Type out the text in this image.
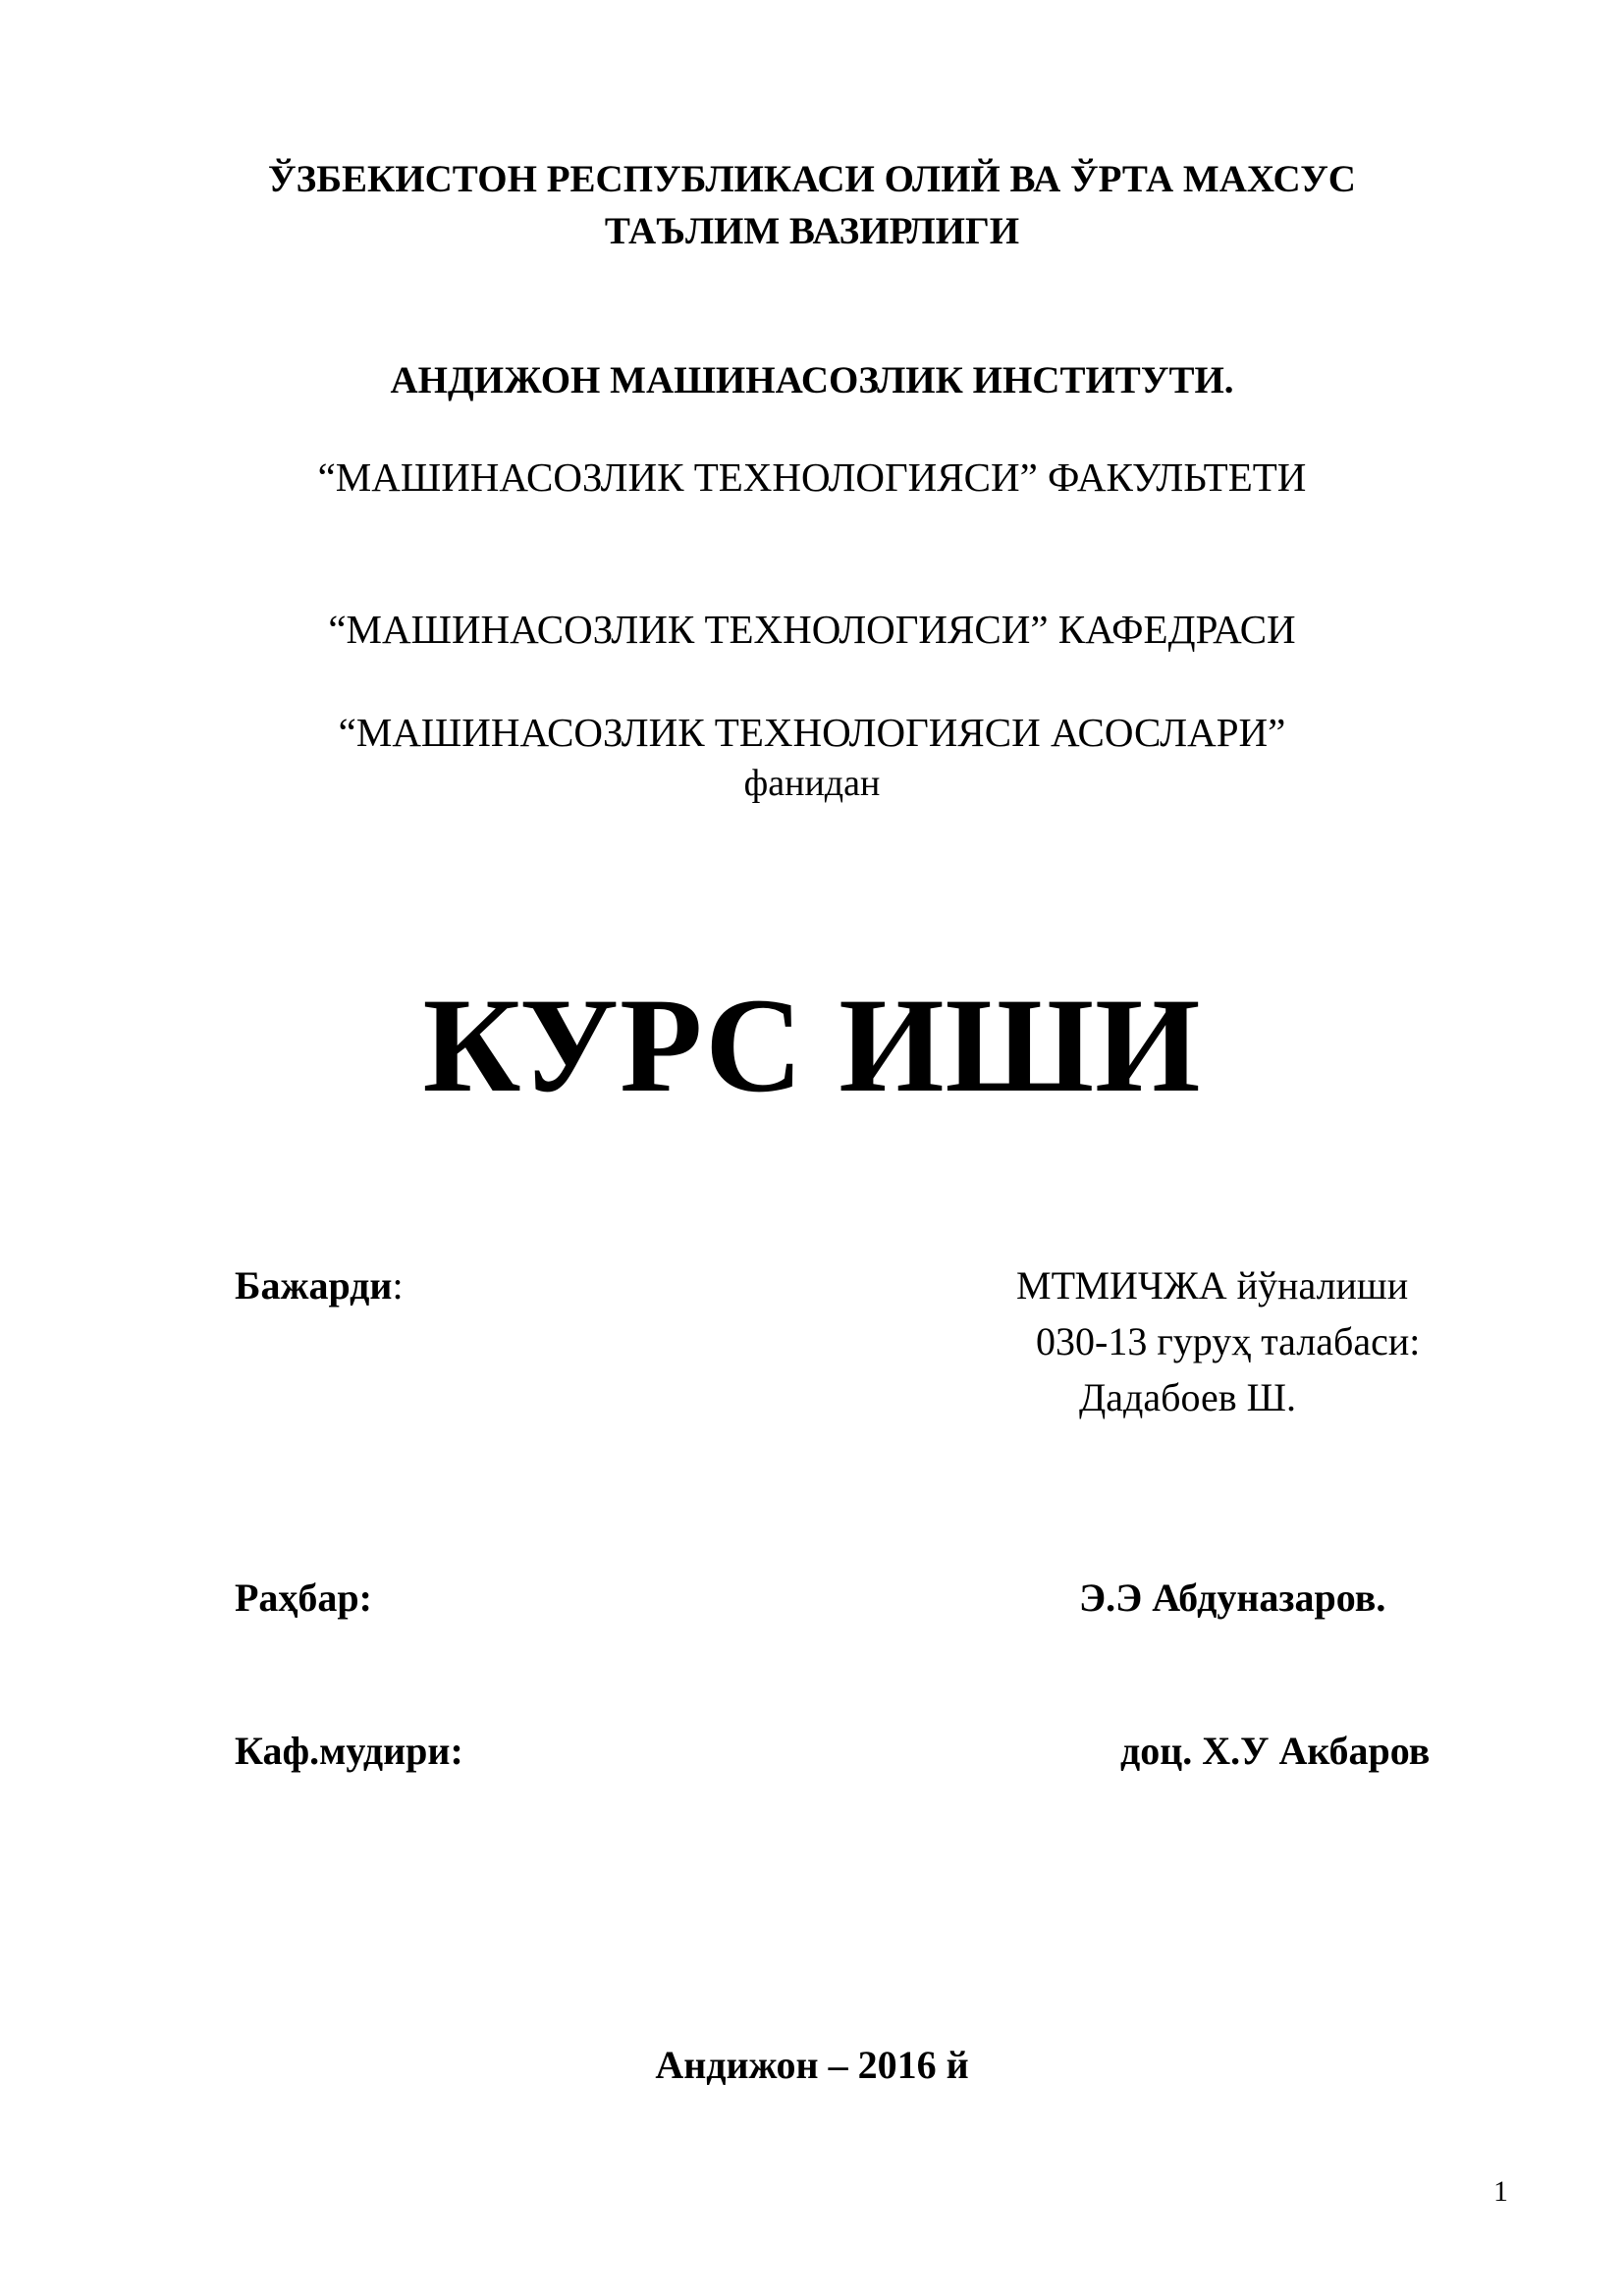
ЎЗБЕКИСТОН РЕСПУБЛИКАСИ ОЛИЙ ВА ЎРТА МАХСУС

ТАЪЛИМ ВАЗИРЛИГИ

АНДИЖОН МАШИНАСОЗЛИК ИНСТИТУТИ.

“МАШИНАСОЗЛИК ТЕХНОЛОГИЯСИ” ФАКУЛЬТЕТИ

“МАШИНАСОЗЛИК ТЕХНОЛОГИЯСИ” КАФЕДРАСИ

“МАШИНАСОЗЛИК ТЕХНОЛОГИЯСИ АСОСЛАРИ”

фанидан

КУРС ИШИ

Бажарди:	МТМИЧЖА йўналиши

030-13 гуруҳ талабаси:

Дадабоев Ш.

Раҳбар:	Э.Э Абдуназаров.

Каф.мудири:	доц. Х.У Акбаров

Андижон – 2016 й

1
